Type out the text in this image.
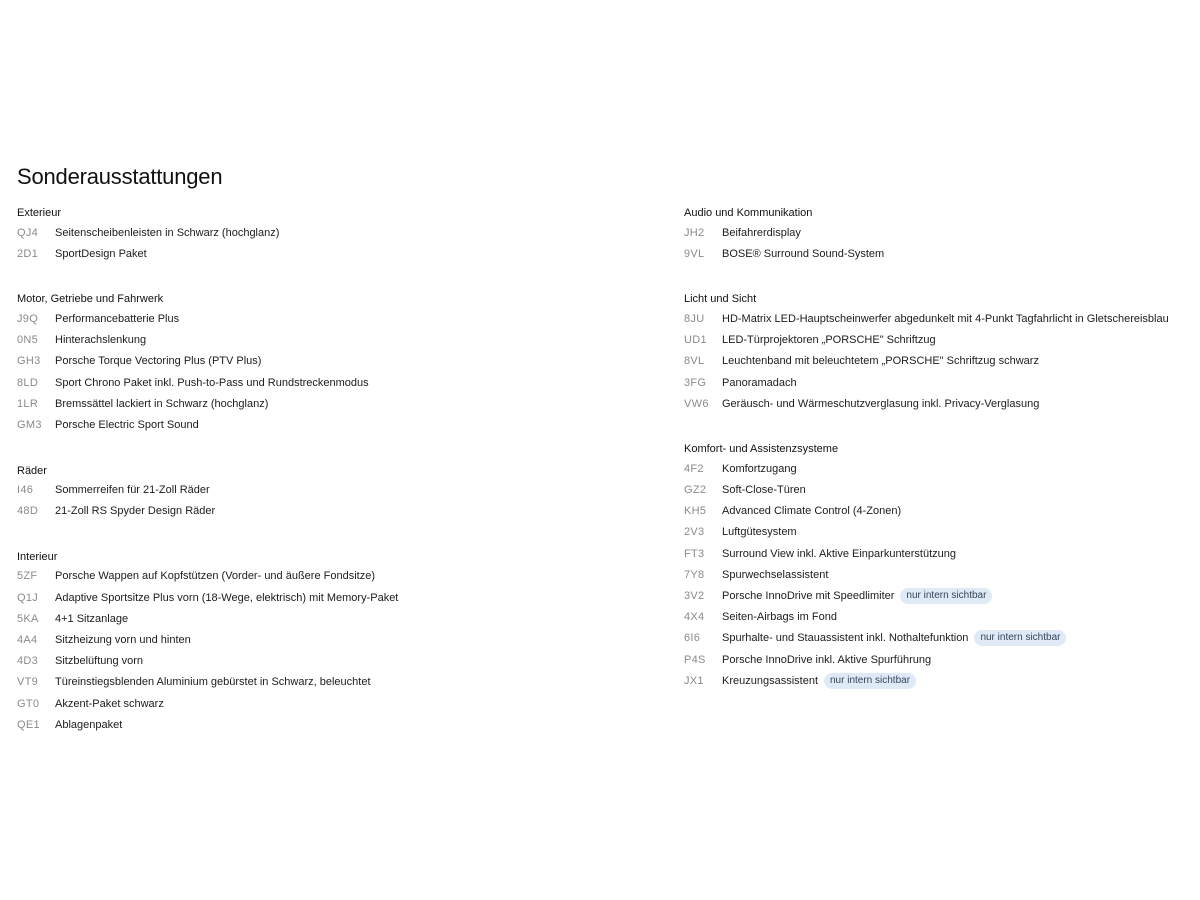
Sonderausstattungen
Exterieur
QJ4	Seitenscheibenleisten in Schwarz (hochglanz)
2D1	SportDesign Paket
Motor, Getriebe und Fahrwerk
J9Q	Performancebatterie Plus
0N5	Hinterachslenkung
GH3	Porsche Torque Vectoring Plus (PTV Plus)
8LD	Sport Chrono Paket inkl. Push-to-Pass und Rundstreckenmodus
1LR	Bremssättel lackiert in Schwarz (hochglanz)
GM3	Porsche Electric Sport Sound
Räder
I46	Sommerreifen für 21-Zoll Räder
48D	21-Zoll RS Spyder Design Räder
Interieur
5ZF	Porsche Wappen auf Kopfstützen (Vorder- und äußere Fondsitze)
Q1J	Adaptive Sportsitze Plus vorn (18-Wege, elektrisch) mit Memory-Paket
5KA	4+1 Sitzanlage
4A4	Sitzheizung vorn und hinten
4D3	Sitzbelüftung vorn
VT9	Türeinstiegsblenden Aluminium gebürstet in Schwarz, beleuchtet
GT0	Akzent-Paket schwarz
QE1	Ablagenpaket
Audio und Kommunikation
JH2	Beifahrerdisplay
9VL	BOSE® Surround Sound-System
Licht und Sicht
8JU	HD-Matrix LED-Hauptscheinwerfer abgedunkelt mit 4-Punkt Tagfahrlicht in Gletschereisblau
UD1	LED-Türprojektoren „PORSCHE" Schriftzug
8VL	Leuchtenband mit beleuchtetem „PORSCHE" Schriftzug schwarz
3FG	Panoramadach
VW6	Geräusch- und Wärmeschutzverglasung inkl. Privacy-Verglasung
Komfort- und Assistenzsysteme
4F2	Komfortzugang
GZ2	Soft-Close-Türen
KH5	Advanced Climate Control (4-Zonen)
2V3	Luftgütesystem
FT3	Surround View inkl. Aktive Einparkunterstützung
7Y8	Spurwechselassistent
3V2	Porsche InnoDrive mit Speedlimiter	nur intern sichtbar
4X4	Seiten-Airbags im Fond
6I6	Spurhalte- und Stauassistent inkl. Nothaltefunktion	nur intern sichtbar
P4S	Porsche InnoDrive inkl. Aktive Spurführung
JX1	Kreuzungsassistent	nur intern sichtbar
